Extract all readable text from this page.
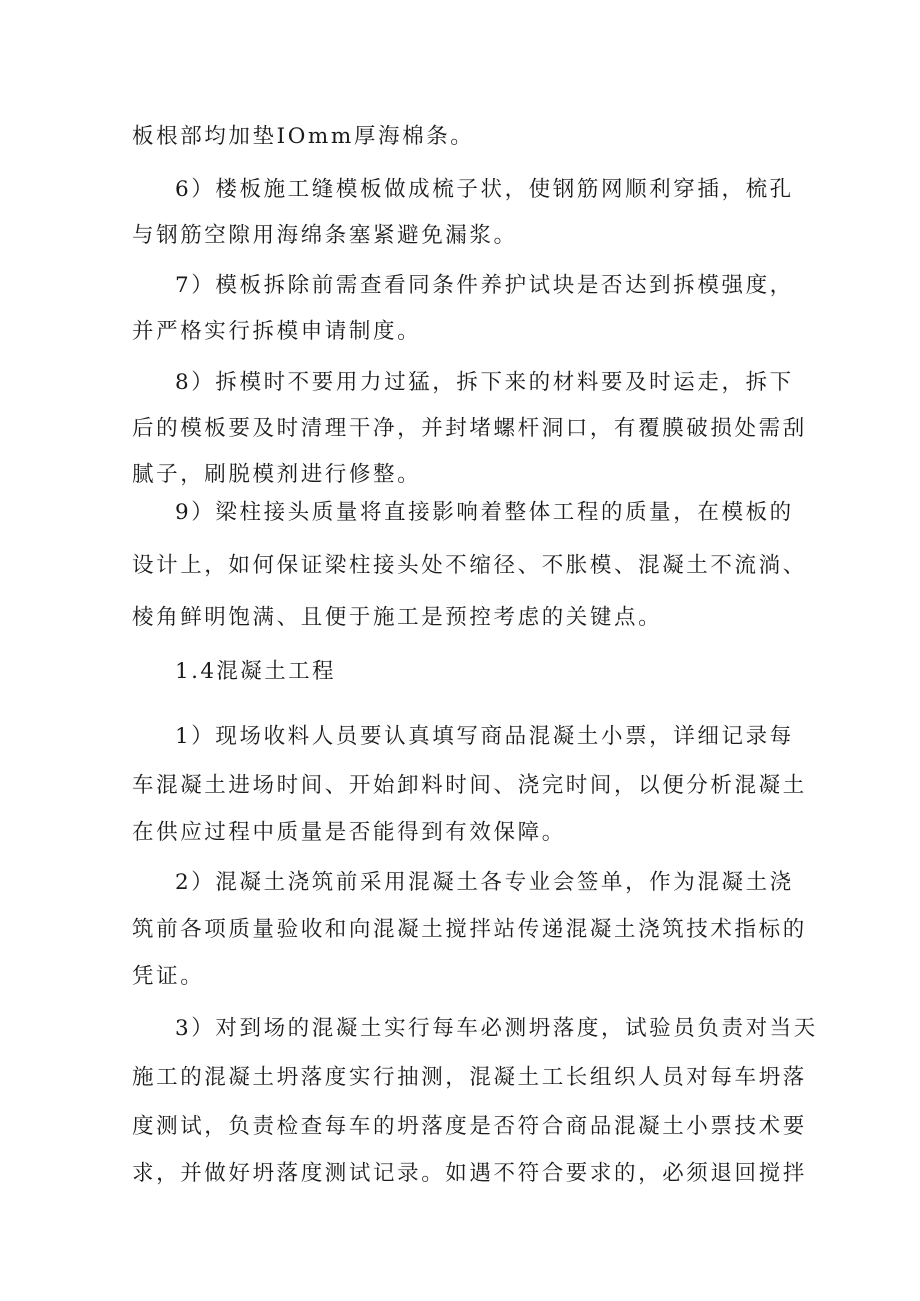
板根部均加垫IOmm厚海棉条。
6）楼板施工缝模板做成梳子状，使钢筋网顺利穿插，梳孔
与钢筋空隙用海绵条塞紧避免漏浆。
7）模板拆除前需查看同条件养护试块是否达到拆模强度，
并严格实行拆模申请制度。
8）拆模时不要用力过猛，拆下来的材料要及时运走，拆下
后的模板要及时清理干净，并封堵螺杆洞口，有覆膜破损处需刮
腻子，刷脱模剂进行修整。
9）梁柱接头质量将直接影响着整体工程的质量，在模板的
设计上，如何保证梁柱接头处不缩径、不胀模、混凝土不流淌、
棱角鲜明饱满、且便于施工是预控考虑的关键点。
1.4混凝土工程
1）现场收料人员要认真填写商品混凝土小票，详细记录每
车混凝土进场时间、开始卸料时间、浇完时间，以便分析混凝土
在供应过程中质量是否能得到有效保障。
2）混凝土浇筑前采用混凝土各专业会签单，作为混凝土浇
筑前各项质量验收和向混凝土搅拌站传递混凝土浇筑技术指标的
凭证。
3）对到场的混凝土实行每车必测坍落度，试验员负责对当天
施工的混凝土坍落度实行抽测，混凝土工长组织人员对每车坍落
度测试，负责检查每车的坍落度是否符合商品混凝土小票技术要
求，并做好坍落度测试记录。如遇不符合要求的，必须退回搅拌
